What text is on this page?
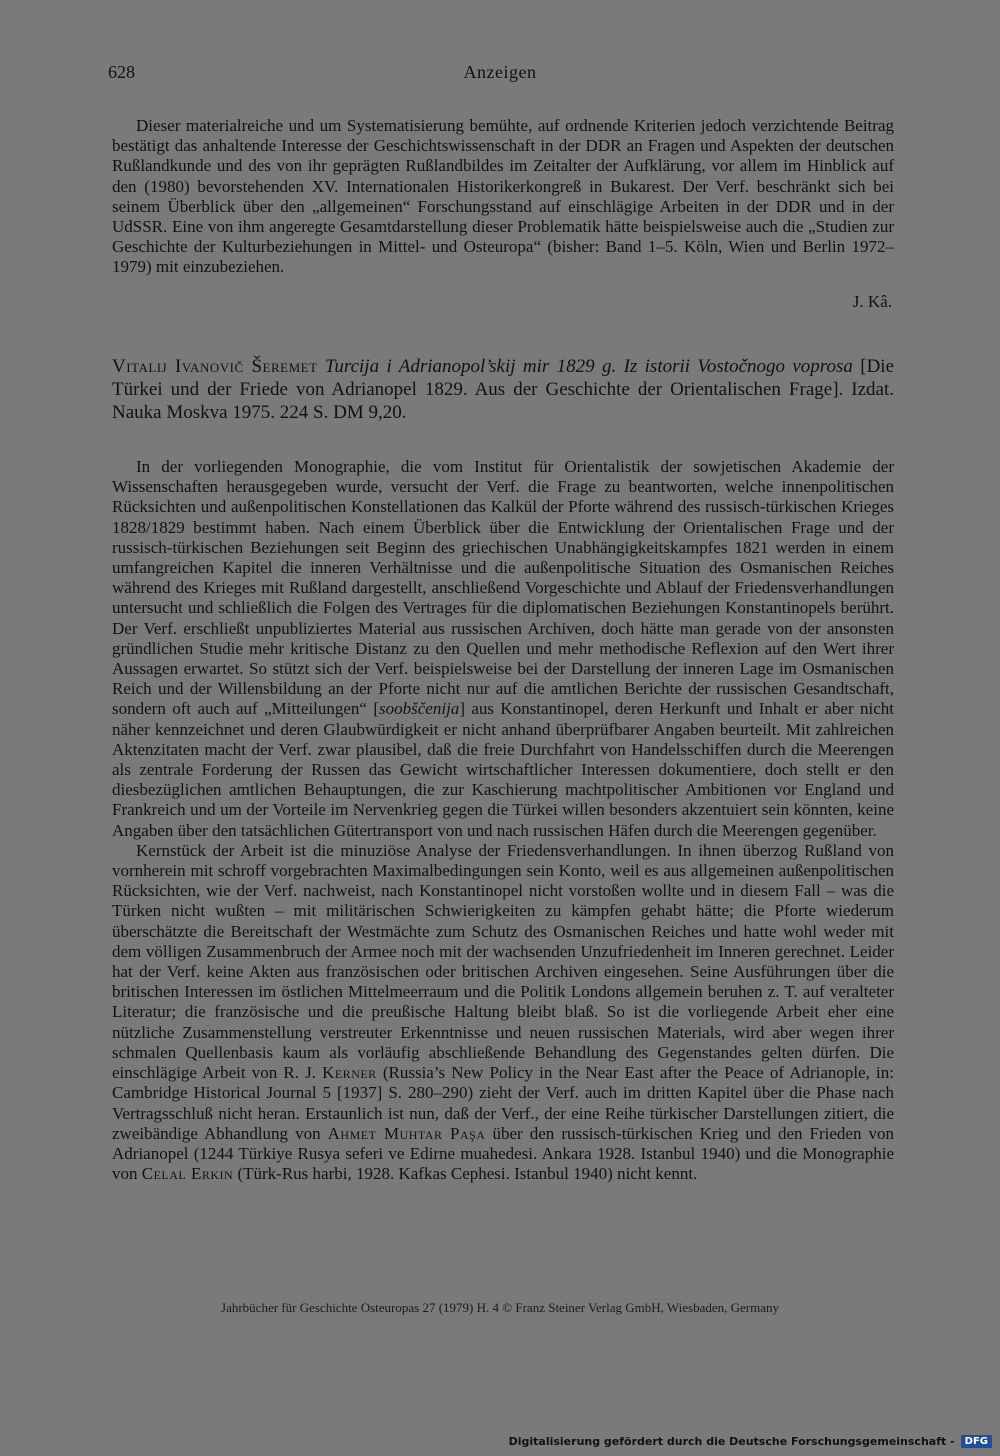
628	Anzeigen

Dieser materialreiche und um Systematisierung bemühte, auf ordnende Kriterien jedoch verzichtende Beitrag bestätigt das anhaltende Interesse der Geschichtswissenschaft in der DDR an Fragen und Aspekten der deutschen Rußlandkunde und des von ihr geprägten Rußlandbildes im Zeitalter der Aufklärung, vor allem im Hinblick auf den (1980) bevorstehenden XV. Internationalen Historikerkongreß in Bukarest. Der Verf. beschränkt sich bei seinem Überblick über den „allgemeinen“ Forschungsstand auf einschlägige Arbeiten in der DDR und in der UdSSR. Eine von ihm angeregte Gesamtdarstellung dieser Problematik hätte beispielsweise auch die „Studien zur Geschichte der Kulturbeziehungen in Mittel- und Osteuropa“ (bisher: Band 1–5. Köln, Wien und Berlin 1972–1979) mit einzubeziehen.

J. Kâ.

Vitalij Ivanovič Šeremet Turcija i Adrianopol’skij mir 1829 g. Iz istorii Vostočnogo voprosa [Die Türkei und der Friede von Adrianopel 1829. Aus der Geschichte der Orientalischen Frage]. Izdat. Nauka Moskva 1975. 224 S. DM 9,20.

In der vorliegenden Monographie, die vom Institut für Orientalistik der sowjetischen Akademie der Wissenschaften herausgegeben wurde, versucht der Verf. die Frage zu beantworten, welche innenpolitischen Rücksichten und außenpolitischen Konstellationen das Kalkül der Pforte während des russisch-türkischen Krieges 1828/1829 bestimmt haben. Nach einem Überblick über die Entwicklung der Orientalischen Frage und der russisch-türkischen Beziehungen seit Beginn des griechischen Unabhängigkeitskampfes 1821 werden in einem umfangreichen Kapitel die inneren Verhältnisse und die außenpolitische Situation des Osmanischen Reiches während des Krieges mit Rußland dargestellt, anschließend Vorgeschichte und Ablauf der Friedensverhandlungen untersucht und schließlich die Folgen des Vertrages für die diplomatischen Beziehungen Konstantinopels berührt. Der Verf. erschließt unpubliziertes Material aus russischen Archiven, doch hätte man gerade von der ansonsten gründlichen Studie mehr kritische Distanz zu den Quellen und mehr methodische Reflexion auf den Wert ihrer Aussagen erwartet. So stützt sich der Verf. beispielsweise bei der Darstellung der inneren Lage im Osmanischen Reich und der Willensbildung an der Pforte nicht nur auf die amtlichen Berichte der russischen Gesandtschaft, sondern oft auch auf „Mitteilungen“ [soobščenija] aus Konstantinopel, deren Herkunft und Inhalt er aber nicht näher kennzeichnet und deren Glaubwürdigkeit er nicht anhand überprüfbarer Angaben beurteilt. Mit zahlreichen Aktenzitaten macht der Verf. zwar plausibel, daß die freie Durchfahrt von Handelsschiffen durch die Meerengen als zentrale Forderung der Russen das Gewicht wirtschaftlicher Interessen dokumentiere, doch stellt er den diesbezüglichen amtlichen Behauptungen, die zur Kaschierung machtpolitischer Ambitionen vor England und Frankreich und um der Vorteile im Nervenkrieg gegen die Türkei willen besonders akzentuiert sein könnten, keine Angaben über den tatsächlichen Gütertransport von und nach russischen Häfen durch die Meerengen gegenüber.

Kernstück der Arbeit ist die minuziöse Analyse der Friedensverhandlungen. In ihnen überzog Rußland von vornherein mit schroff vorgebrachten Maximalbedingungen sein Konto, weil es aus allgemeinen außenpolitischen Rücksichten, wie der Verf. nachweist, nach Konstantinopel nicht vorstoßen wollte und in diesem Fall – was die Türken nicht wußten – mit militärischen Schwierigkeiten zu kämpfen gehabt hätte; die Pforte wiederum überschätzte die Bereitschaft der Westmächte zum Schutz des Osmanischen Reiches und hatte wohl weder mit dem völligen Zusammenbruch der Armee noch mit der wachsenden Unzufriedenheit im Inneren gerechnet. Leider hat der Verf. keine Akten aus französischen oder britischen Archiven eingesehen. Seine Ausführungen über die britischen Interessen im östlichen Mittelmeerraum und die Politik Londons allgemein beruhen z. T. auf veralteter Literatur; die französische und die preußische Haltung bleibt blaß. So ist die vorliegende Arbeit eher eine nützliche Zusammenstellung verstreuter Erkenntnisse und neuen russischen Materials, wird aber wegen ihrer schmalen Quellenbasis kaum als vorläufig abschließende Behandlung des Gegenstandes gelten dürfen. Die einschlägige Arbeit von R. J. Kerner (Russia’s New Policy in the Near East after the Peace of Adrianople, in: Cambridge Historical Journal 5 [1937] S. 280–290) zieht der Verf. auch im dritten Kapitel über die Phase nach Vertragsschluß nicht heran. Erstaunlich ist nun, daß der Verf., der eine Reihe türkischer Darstellungen zitiert, die zweibändige Abhandlung von Ahmet Muhtar Paşa über den russisch-türkischen Krieg und den Frieden von Adrianopel (1244 Türkiye Rusya seferi ve Edirne muahedesi. Ankara 1928. Istanbul 1940) und die Monographie von Celal Erkin (Türk-Rus harbi, 1928. Kafkas Cephesi. Istanbul 1940) nicht kennt.

Jahrbücher für Geschichte Osteuropas 27 (1979) H. 4 © Franz Steiner Verlag GmbH, Wiesbaden, Germany
Digitalisierung gefördert durch die Deutsche Forschungsgemeinschaft -	DFG
